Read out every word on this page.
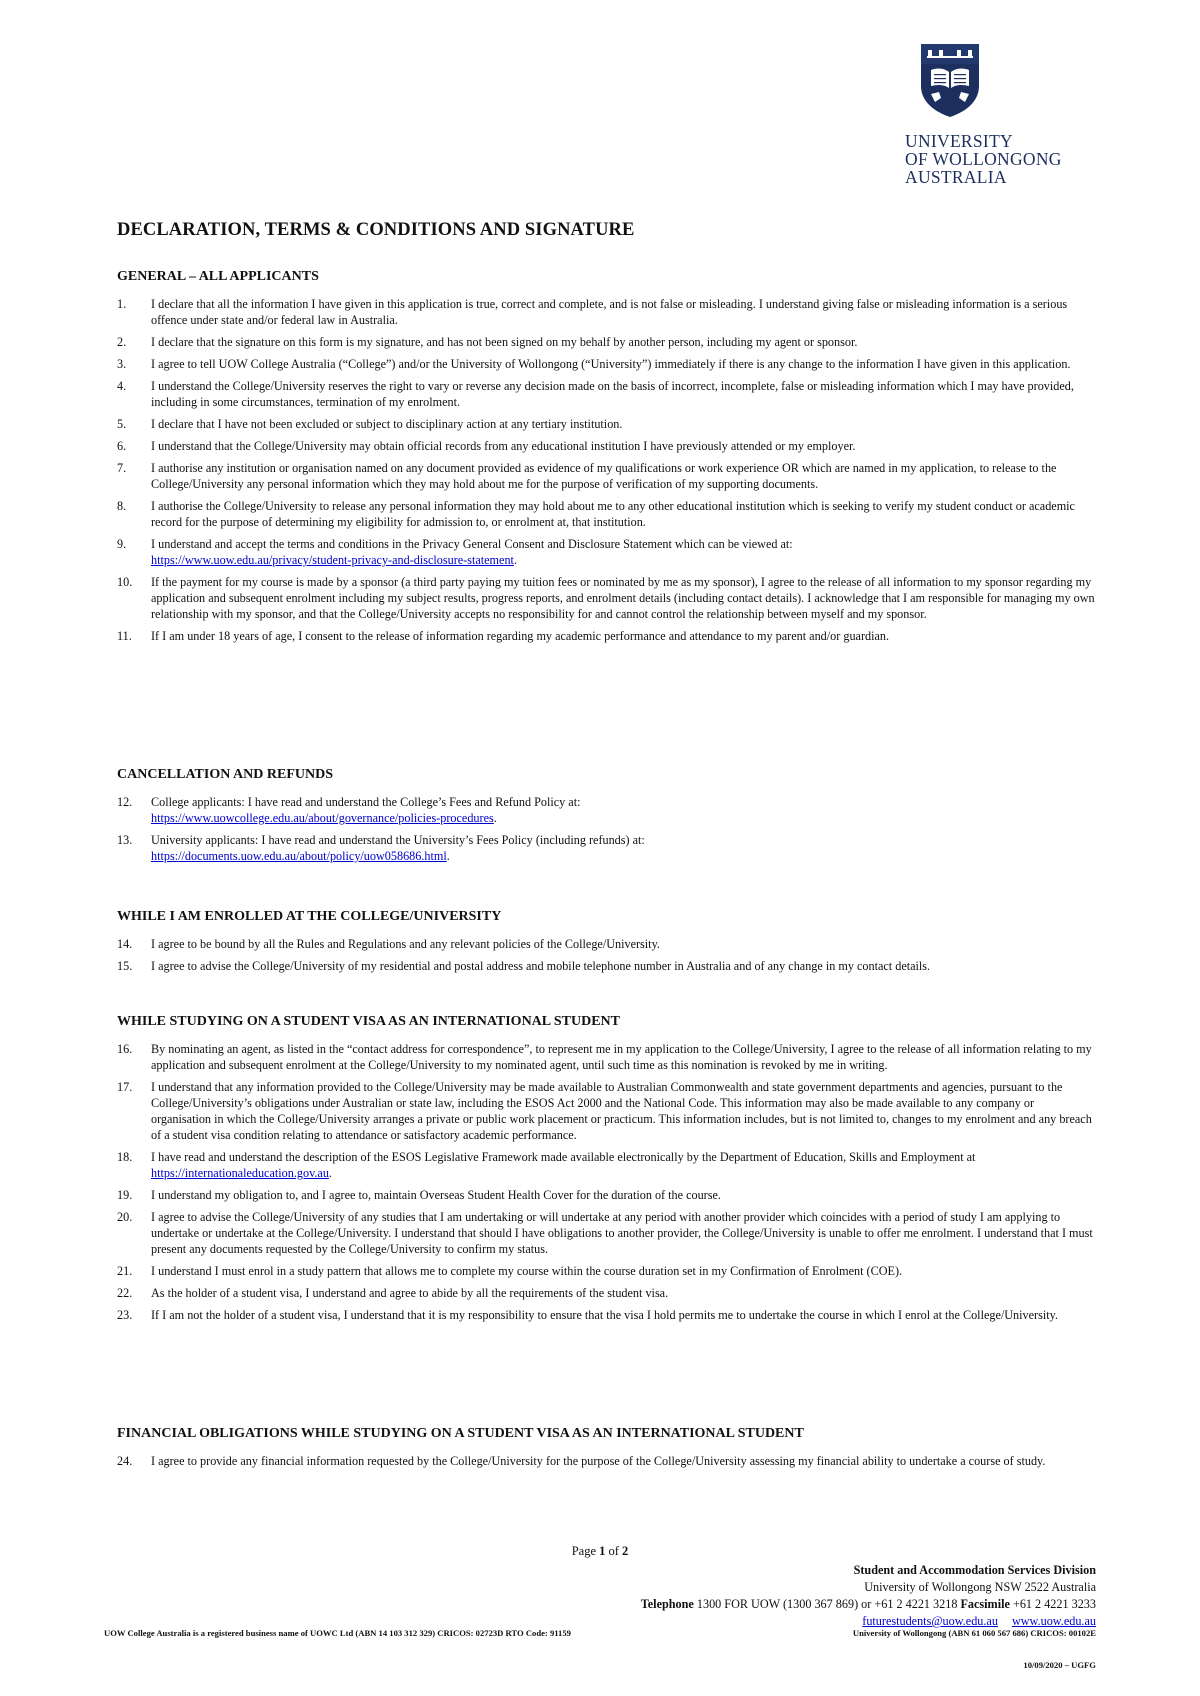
UNIVERSITY
OF WOLLONGONG
AUSTRALIA
DECLARATION, TERMS & CONDITIONS AND SIGNATURE
GENERAL – ALL APPLICANTS
1. I declare that all the information I have given in this application is true, correct and complete, and is not false or misleading. I understand giving false or misleading information is a serious offence under state and/or federal law in Australia.
2. I declare that the signature on this form is my signature, and has not been signed on my behalf by another person, including my agent or sponsor.
3. I agree to tell UOW College Australia (“College”) and/or the University of Wollongong (“University”) immediately if there is any change to the information I have given in this application.
4. I understand the College/University reserves the right to vary or reverse any decision made on the basis of incorrect, incomplete, false or misleading information which I may have provided, including in some circumstances, termination of my enrolment.
5. I declare that I have not been excluded or subject to disciplinary action at any tertiary institution.
6. I understand that the College/University may obtain official records from any educational institution I have previously attended or my employer.
7. I authorise any institution or organisation named on any document provided as evidence of my qualifications or work experience OR which are named in my application, to release to the College/University any personal information which they may hold about me for the purpose of verification of my supporting documents.
8. I authorise the College/University to release any personal information they may hold about me to any other educational institution which is seeking to verify my student conduct or academic record for the purpose of determining my eligibility for admission to, or enrolment at, that institution.
9. I understand and accept the terms and conditions in the Privacy General Consent and Disclosure Statement which can be viewed at:
https://www.uow.edu.au/privacy/student-privacy-and-disclosure-statement.
10. If the payment for my course is made by a sponsor (a third party paying my tuition fees or nominated by me as my sponsor), I agree to the release of all information to my sponsor regarding my application and subsequent enrolment including my subject results, progress reports, and enrolment details (including contact details). I acknowledge that I am responsible for managing my own relationship with my sponsor, and that the College/University accepts no responsibility for and cannot control the relationship between myself and my sponsor.
11. If I am under 18 years of age, I consent to the release of information regarding my academic performance and attendance to my parent and/or guardian.
CANCELLATION AND REFUNDS
12. College applicants: I have read and understand the College’s Fees and Refund Policy at:
https://www.uowcollege.edu.au/about/governance/policies-procedures.
13. University applicants: I have read and understand the University’s Fees Policy (including refunds) at:
https://documents.uow.edu.au/about/policy/uow058686.html.
WHILE I AM ENROLLED AT THE COLLEGE/UNIVERSITY
14. I agree to be bound by all the Rules and Regulations and any relevant policies of the College/University.
15. I agree to advise the College/University of my residential and postal address and mobile telephone number in Australia and of any change in my contact details.
WHILE STUDYING ON A STUDENT VISA AS AN INTERNATIONAL STUDENT
16. By nominating an agent, as listed in the “contact address for correspondence”, to represent me in my application to the College/University, I agree to the release of all information relating to my application and subsequent enrolment at the College/University to my nominated agent, until such time as this nomination is revoked by me in writing.
17. I understand that any information provided to the College/University may be made available to Australian Commonwealth and state government departments and agencies, pursuant to the College/University’s obligations under Australian or state law, including the ESOS Act 2000 and the National Code. This information may also be made available to any company or organisation in which the College/University arranges a private or public work placement or practicum. This information includes, but is not limited to, changes to my enrolment and any breach of a student visa condition relating to attendance or satisfactory academic performance.
18. I have read and understand the description of the ESOS Legislative Framework made available electronically by the Department of Education, Skills and Employment at https://internationaleducation.gov.au.
19. I understand my obligation to, and I agree to, maintain Overseas Student Health Cover for the duration of the course.
20. I agree to advise the College/University of any studies that I am undertaking or will undertake at any period with another provider which coincides with a period of study I am applying to undertake or undertake at the College/University. I understand that should I have obligations to another provider, the College/University is unable to offer me enrolment. I understand that I must present any documents requested by the College/University to confirm my status.
21. I understand I must enrol in a study pattern that allows me to complete my course within the course duration set in my Confirmation of Enrolment (COE).
22. As the holder of a student visa, I understand and agree to abide by all the requirements of the student visa.
23. If I am not the holder of a student visa, I understand that it is my responsibility to ensure that the visa I hold permits me to undertake the course in which I enrol at the College/University.
FINANCIAL OBLIGATIONS WHILE STUDYING ON A STUDENT VISA AS AN INTERNATIONAL STUDENT
24. I agree to provide any financial information requested by the College/University for the purpose of the College/University assessing my financial ability to undertake a course of study.
Page 1 of 2
Student and Accommodation Services Division
University of Wollongong NSW 2522 Australia
Telephone 1300 FOR UOW (1300 367 869) or +61 2 4221 3218 Facsimile +61 2 4221 3233
futurestudents@uow.edu.au www.uow.edu.au
UOW College Australia is a registered business name of UOWC Ltd (ABN 14 103 312 329) CRICOS: 02723D RTO Code: 91159	University of Wollongong (ABN 61 060 567 686) CRICOS: 00102E
10/09/2020 – UGFG
